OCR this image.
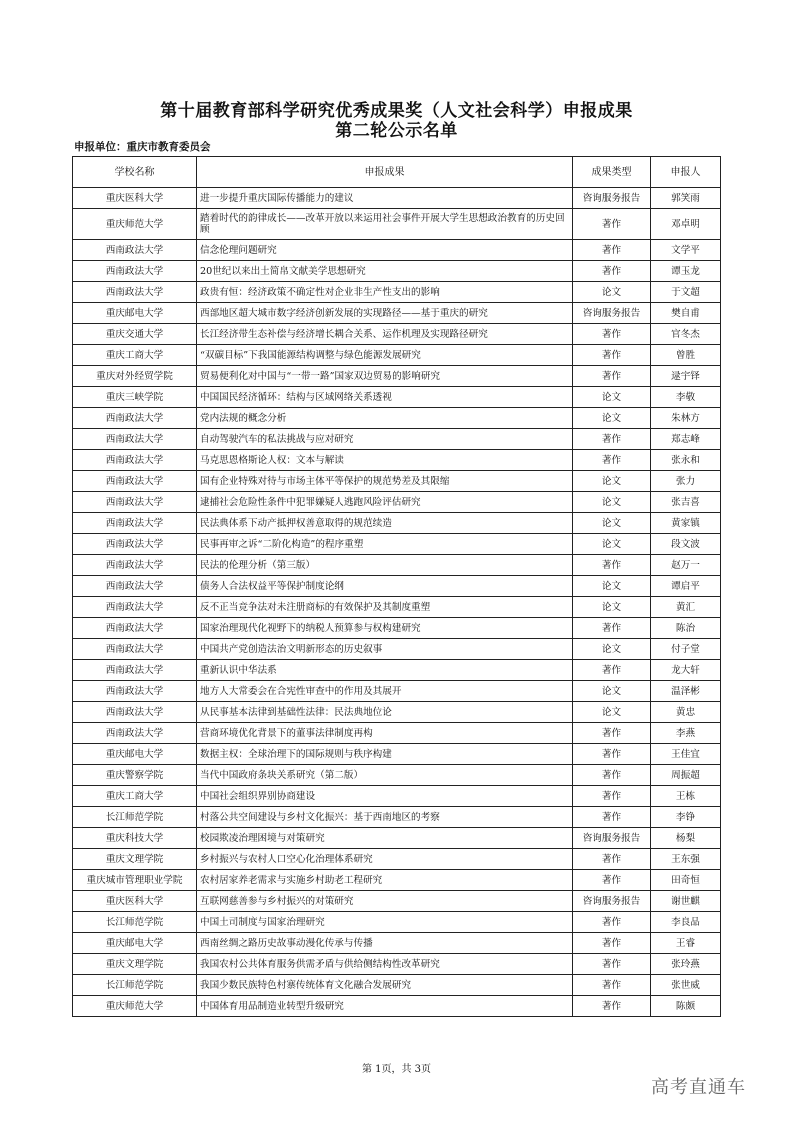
第十届教育部科学研究优秀成果奖（人文社会科学）申报成果
第二轮公示名单
申报单位：重庆市教育委员会
学校名称	申报成果	成果类型	申报人
重庆医科大学	进一步提升重庆国际传播能力的建议	咨询服务报告	郭笑雨
重庆师范大学	踏着时代的韵律成长——改革开放以来运用社会事件开展大学生思想政治教育的历史回顾	著作	邓卓明
西南政法大学	信念伦理问题研究	著作	文学平
西南政法大学	20世纪以来出土简帛文献美学思想研究	著作	谭玉龙
西南政法大学	政贵有恒：经济政策不确定性对企业非生产性支出的影响	论文	于文超
重庆邮电大学	西部地区超大城市数字经济创新发展的实现路径——基于重庆的研究	咨询服务报告	樊自甫
重庆交通大学	长江经济带生态补偿与经济增长耦合关系、运作机理及实现路径研究	著作	官冬杰
重庆工商大学	“双碳目标”下我国能源结构调整与绿色能源发展研究	著作	曾胜
重庆对外经贸学院	贸易便利化对中国与“一带一路”国家双边贸易的影响研究	著作	逯宇铎
重庆三峡学院	中国国民经济循环：结构与区域网络关系透视	论文	李敬
西南政法大学	党内法规的概念分析	论文	朱林方
西南政法大学	自动驾驶汽车的私法挑战与应对研究	著作	郑志峰
西南政法大学	马克思恩格斯论人权：文本与解读	著作	张永和
西南政法大学	国有企业特殊对待与市场主体平等保护的规范势差及其限缩	论文	张力
西南政法大学	逮捕社会危险性条件中犯罪嫌疑人逃跑风险评估研究	论文	张吉喜
西南政法大学	民法典体系下动产抵押权善意取得的规范续造	论文	黄家镇
西南政法大学	民事再审之诉“二阶化构造”的程序重塑	论文	段文波
西南政法大学	民法的伦理分析（第三版）	著作	赵万一
西南政法大学	债务人合法权益平等保护制度论纲	论文	谭启平
西南政法大学	反不正当竞争法对未注册商标的有效保护及其制度重塑	论文	黄汇
西南政法大学	国家治理现代化视野下的纳税人预算参与权构建研究	著作	陈治
西南政法大学	中国共产党创造法治文明新形态的历史叙事	论文	付子堂
西南政法大学	重新认识中华法系	著作	龙大轩
西南政法大学	地方人大常委会在合宪性审查中的作用及其展开	论文	温泽彬
西南政法大学	从民事基本法律到基础性法律：民法典地位论	论文	黄忠
西南政法大学	营商环境优化背景下的董事法律制度再构	著作	李燕
重庆邮电大学	数据主权：全球治理下的国际规则与秩序构建	著作	王佳宜
重庆警察学院	当代中国政府条块关系研究（第二版）	著作	周振超
重庆工商大学	中国社会组织界别协商建设	著作	王栋
长江师范学院	村落公共空间建设与乡村文化振兴：基于西南地区的考察	著作	李铮
重庆科技大学	校园欺凌治理困境与对策研究	咨询服务报告	杨梨
重庆文理学院	乡村振兴与农村人口空心化治理体系研究	著作	王东强
重庆城市管理职业学院	农村居家养老需求与实施乡村助老工程研究	著作	田奇恒
重庆医科大学	互联网慈善参与乡村振兴的对策研究	咨询服务报告	谢世麒
长江师范学院	中国土司制度与国家治理研究	著作	李良品
重庆邮电大学	西南丝绸之路历史故事动漫化传承与传播	著作	王睿
重庆文理学院	我国农村公共体育服务供需矛盾与供给侧结构性改革研究	著作	张玲燕
长江师范学院	我国少数民族特色村寨传统体育文化融合发展研究	著作	张世威
重庆师范大学	中国体育用品制造业转型升级研究	著作	陈颇
第 1页，共 3页
高考直通车
